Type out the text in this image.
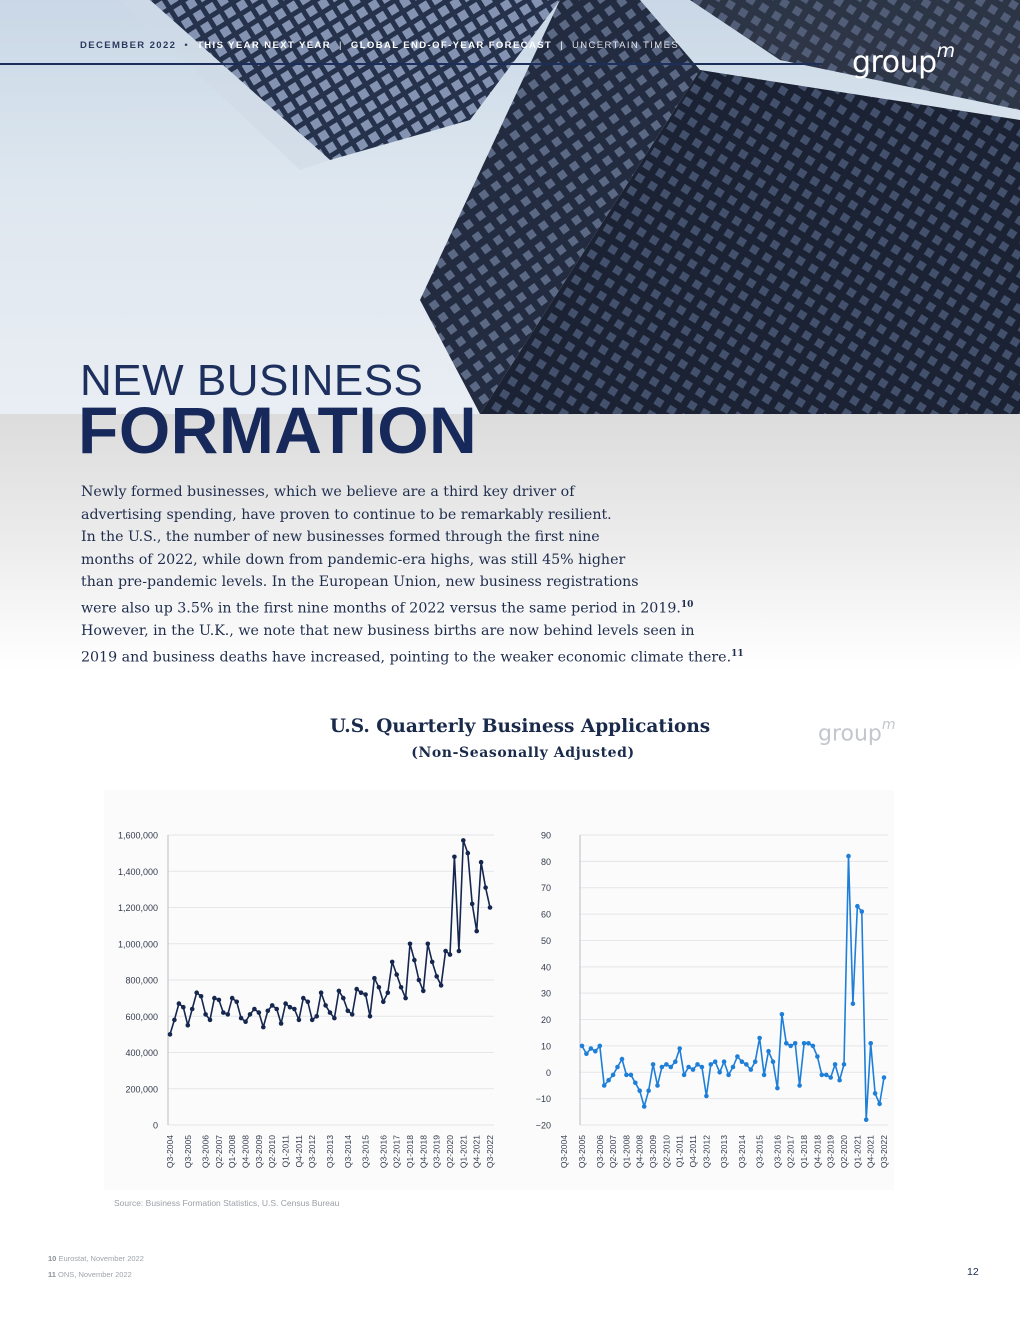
DECEMBER 2022 • THIS YEAR NEXT YEAR | GLOBAL END-OF-YEAR FORECAST | UNCERTAIN TIMES	group$^m$
NEW BUSINESS
FORMATION

Newly formed businesses, which we believe are a third key driver of
advertising spending, have proven to continue to be remarkably resilient.
In the U.S., the number of new businesses formed through the first nine
months of 2022, while down from pandemic-era highs, was still 45% higher
than pre-pandemic levels. In the European Union, new business registrations
were also up 3.5% in the first nine months of 2022 versus the same period in 2019.10
However, in the U.K., we note that new business births are now behind levels seen in
2019 and business deaths have increased, pointing to the weaker economic climate there.$^{11}$

U.S. Quarterly Business Applications
(Non-Seasonally Adjusted)
group$^m$
0
200,000
400,000
600,000
800,000
1,000,000
1,200,000
1,400,000
1,600,000
Q3-2004 Q3-2005 Q3-2006 Q2-2007 Q1-2008 Q4-2008 Q3-2009 Q2-2010 Q1-2011 Q4-2011 Q3-2012 Q3-2013 Q3-2014 Q3-2015 Q3-2016 Q2-2017 Q1-2018 Q4-2018 Q3-2019 Q2-2020 Q1-2021 Q4-2021 Q3-2022
−20
−10
0
10
20
30
40
50
60
70
80
90
Q3-2004 Q3-2005 Q3-2006 Q2-2007 Q1-2008 Q4-2008 Q3-2009 Q2-2010 Q1-2011 Q4-2011 Q3-2012 Q3-2013 Q3-2014 Q3-2015 Q3-2016 Q2-2017 Q1-2018 Q4-2018 Q3-2019 Q2-2020 Q1-2021 Q4-2021 Q3-2022
Source: Business Formation Statistics, U.S. Census Bureau
10 Eurostat, November 2022
11 ONS, November 2022	12
